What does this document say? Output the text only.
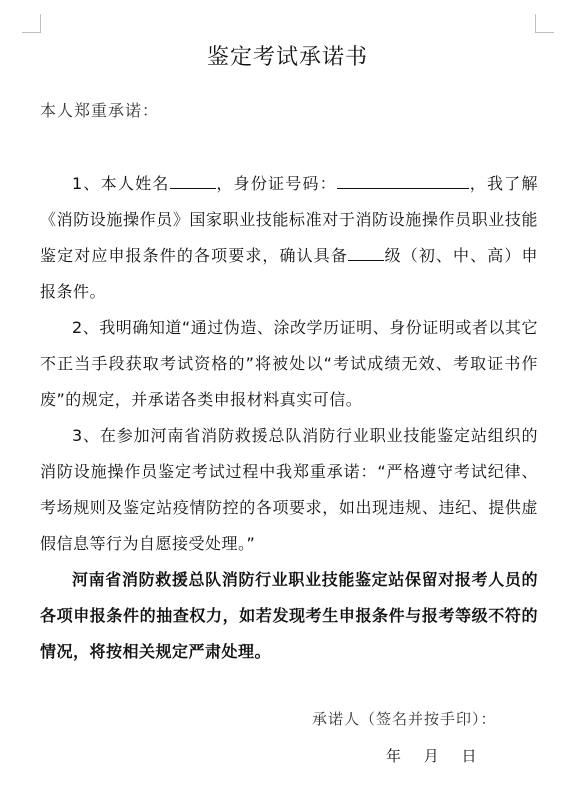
鉴定考试承诺书
本人郑重承诺：

1、本人姓名	，身份证号码：	，我了解《消防设施操作员》国家职业技能标准对于消防设施操作员职业技能鉴定对应申报条件的各项要求，确认具备 级（初、中、高）申报条件。

2、我明确知道“通过伪造、涂改学历证明、身份证明或者以其它不正当手段获取考试资格的”将被处以“考试成绩无效、考取证书作废”的规定，并承诺各类申报材料真实可信。

3、在参加河南省消防救援总队消防行业职业技能鉴定站组织的消防设施操作员鉴定考试过程中我郑重承诺：“严格遵守考试纪律、考场规则及鉴定站疫情防控的各项要求，如出现违规、违纪、提供虚假信息等行为自愿接受处理。”

河南省消防救援总队消防行业职业技能鉴定站保留对报考人员的各项申报条件的抽查权力，如若发现考生申报条件与报考等级不符的情况，将按相关规定严肃处理。

承诺人（签名并按手印）：
年 月 日
